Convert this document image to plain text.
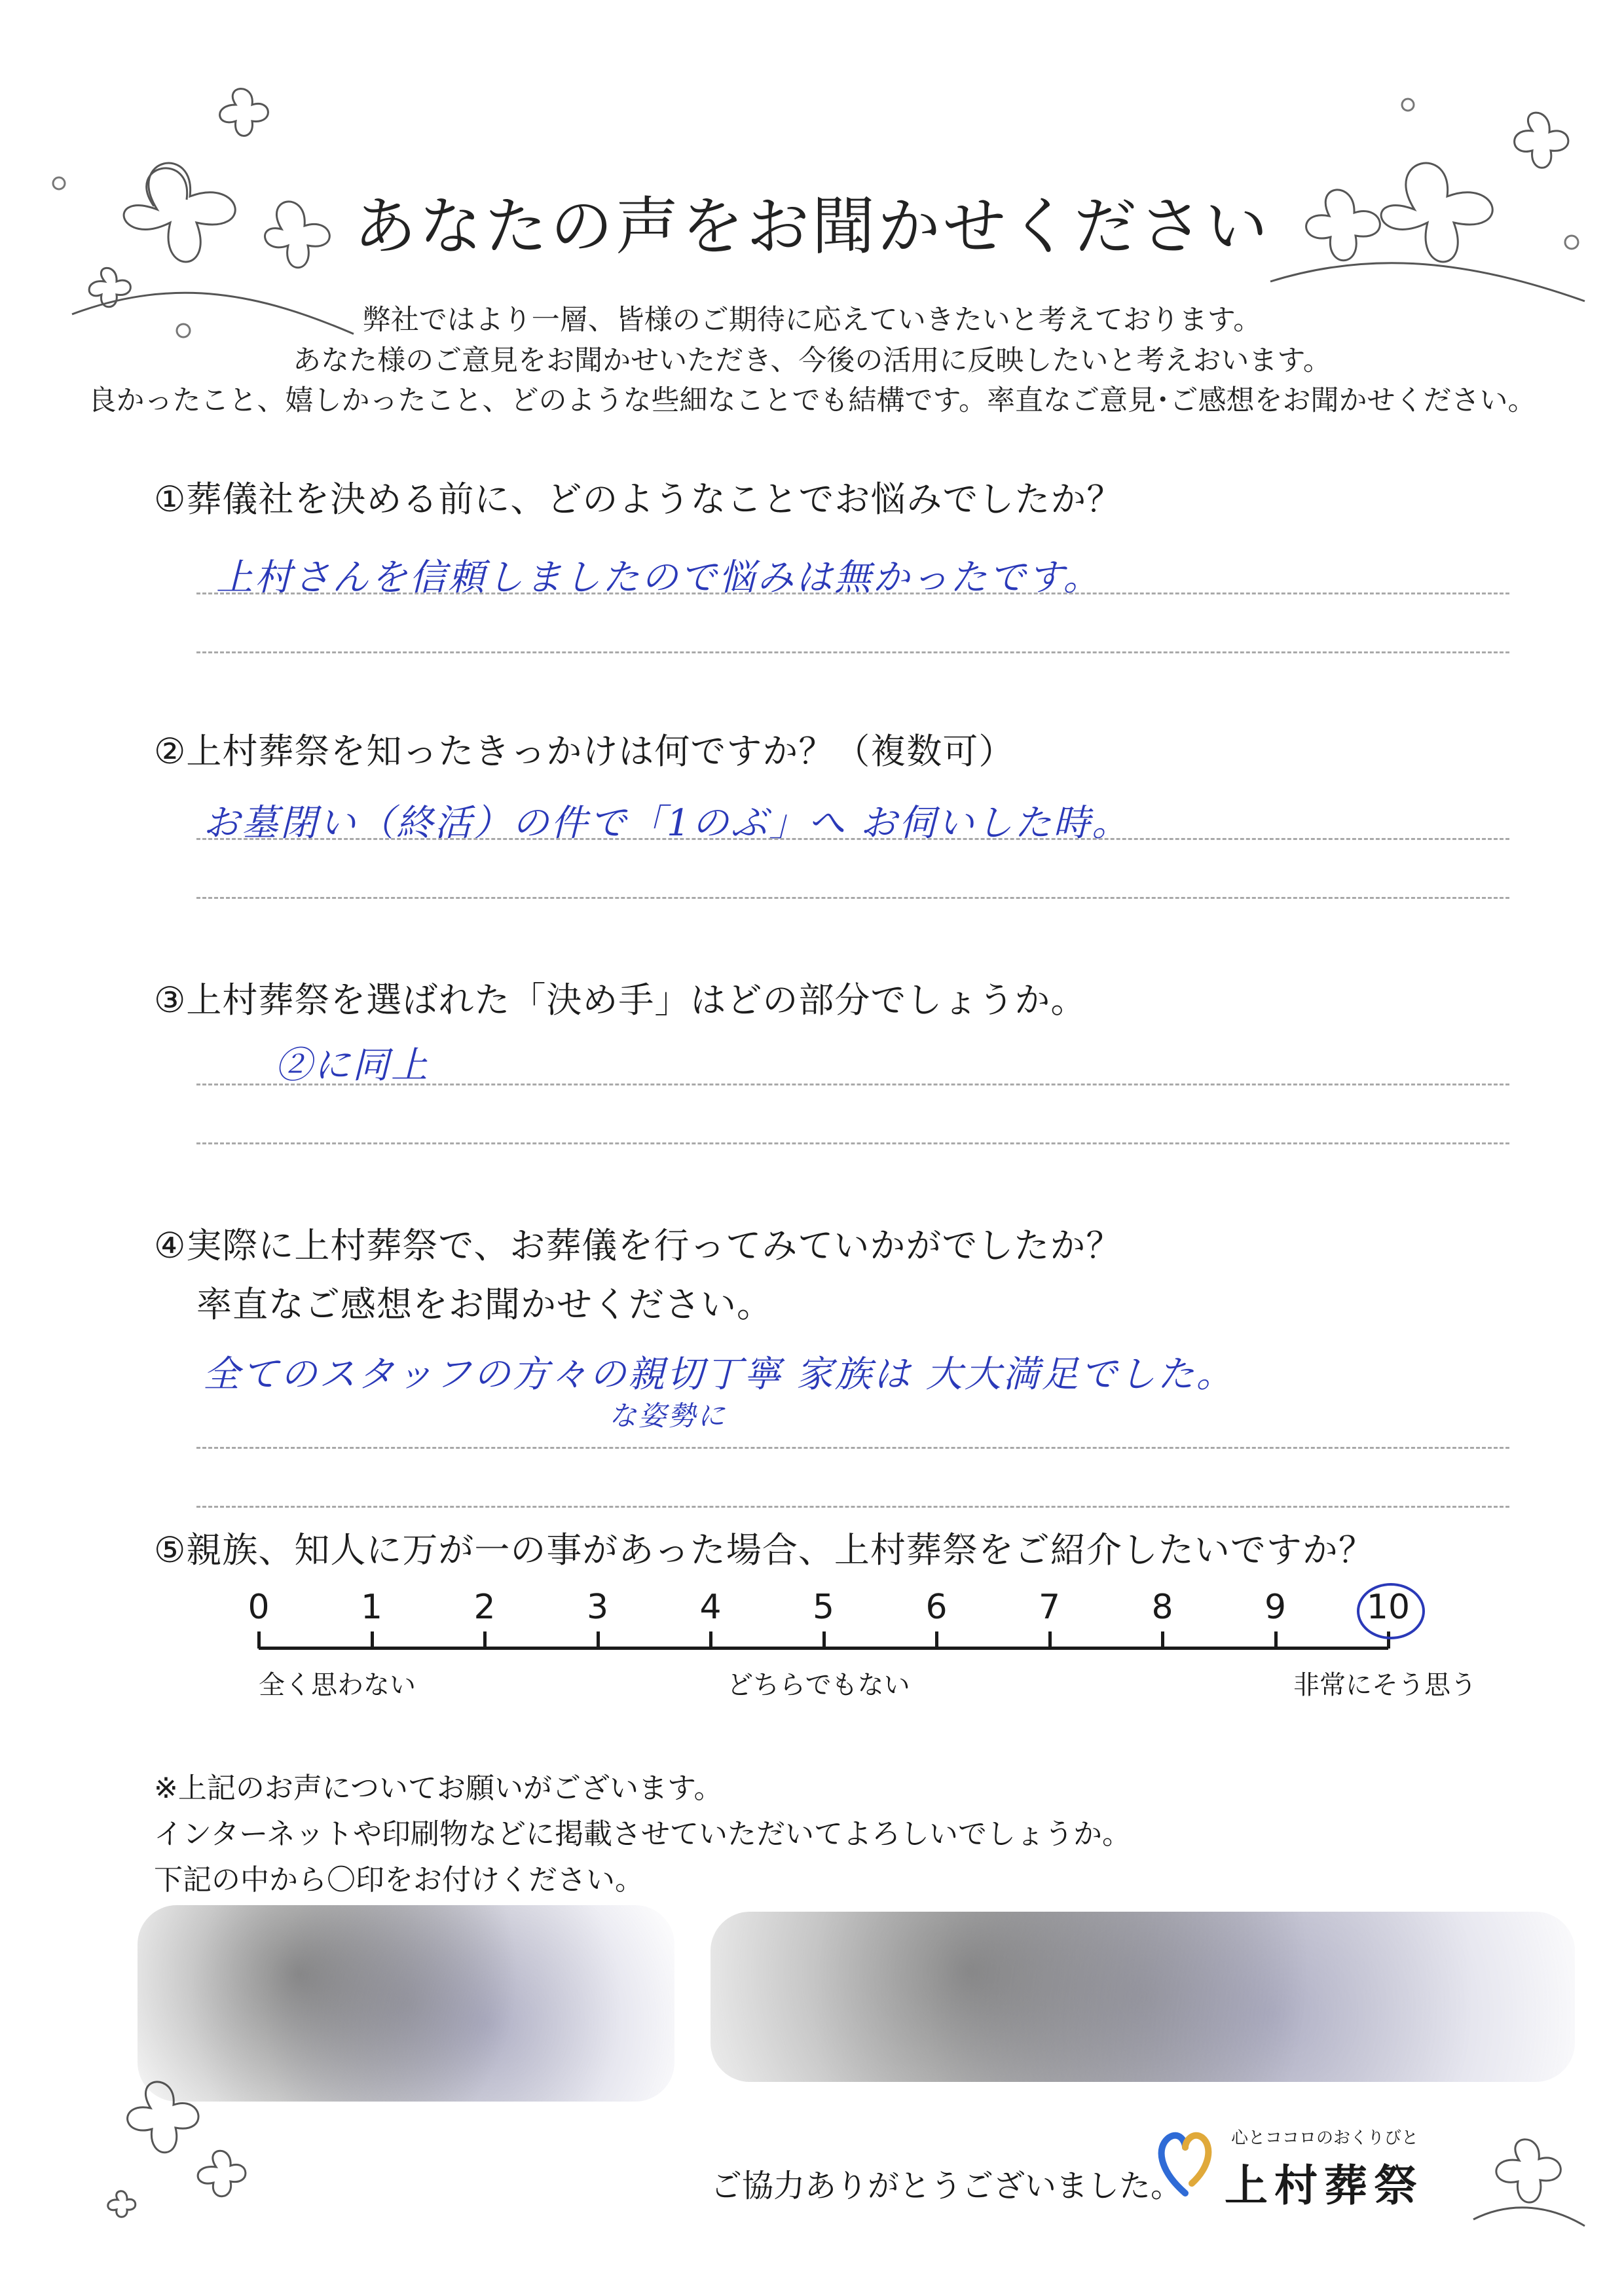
あなたの声をお聞かせください
弊社ではより一層、皆様のご期待に応えていきたいと考えております。
あなた様のご意見をお聞かせいただき、今後の活用に反映したいと考えおいます。
良かったこと、嬉しかったこと、どのような些細なことでも結構です。率直なご意見･ご感想をお聞かせください。
①葬儀社を決める前に、どのようなことでお悩みでしたか？
上村さんを信頼しましたので悩みは無かったです。
②上村葬祭を知ったきっかけは何ですか？（複数可）
お墓閉い（終活）の件で「1のぶ」へ お伺いした時。
③上村葬祭を選ばれた「決め手」はどの部分でしょうか。
②に同上
④実際に上村葬祭で、お葬儀を行ってみていかがでしたか？
率直なご感想をお聞かせください。
全てのスタッフの方々の親切丁寧 家族は 大大満足でした。
な姿勢に
⑤親族、知人に万が一の事があった場合、上村葬祭をご紹介したいですか？
0	1	2	3	4	5	6	7	8	9	10
全く思わない	どちらでもない	非常にそう思う
※上記のお声についてお願いがございます。
インターネットや印刷物などに掲載させていただいてよろしいでしょうか。
下記の中から〇印をお付けください。
ご協力ありがとうございました。
心とココロのおくりびと
上村葬祭
